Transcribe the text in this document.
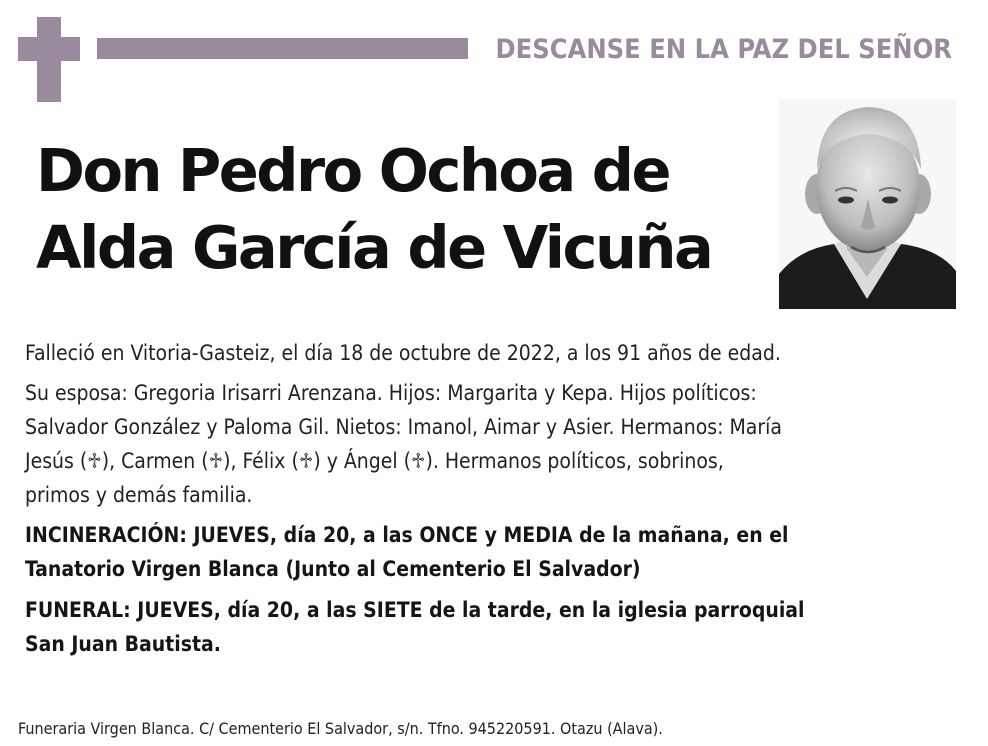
DESCANSE EN LA PAZ DEL SEÑOR
Don Pedro Ochoa de
Alda García de Vicuña

Falleció en Vitoria-Gasteiz, el día 18 de octubre de 2022, a los 91 años de edad.

Su esposa: Gregoria Irisarri Arenzana. Hijos: Margarita y Kepa. Hijos políticos:
Salvador González y Paloma Gil. Nietos: Imanol, Aimar y Asier. Hermanos: María
Jesús (♱), Carmen (♱), Félix (♱) y Ángel (♱). Hermanos políticos, sobrinos,
primos y demás familia.

INCINERACIÓN: JUEVES, día 20, a las ONCE y MEDIA de la mañana, en el
Tanatorio Virgen Blanca (Junto al Cementerio El Salvador)

FUNERAL: JUEVES, día 20, a las SIETE de la tarde, en la iglesia parroquial
San Juan Bautista.

Funeraria Virgen Blanca. C/ Cementerio El Salvador, s/n. Tfno. 945220591. Otazu (Alava).
